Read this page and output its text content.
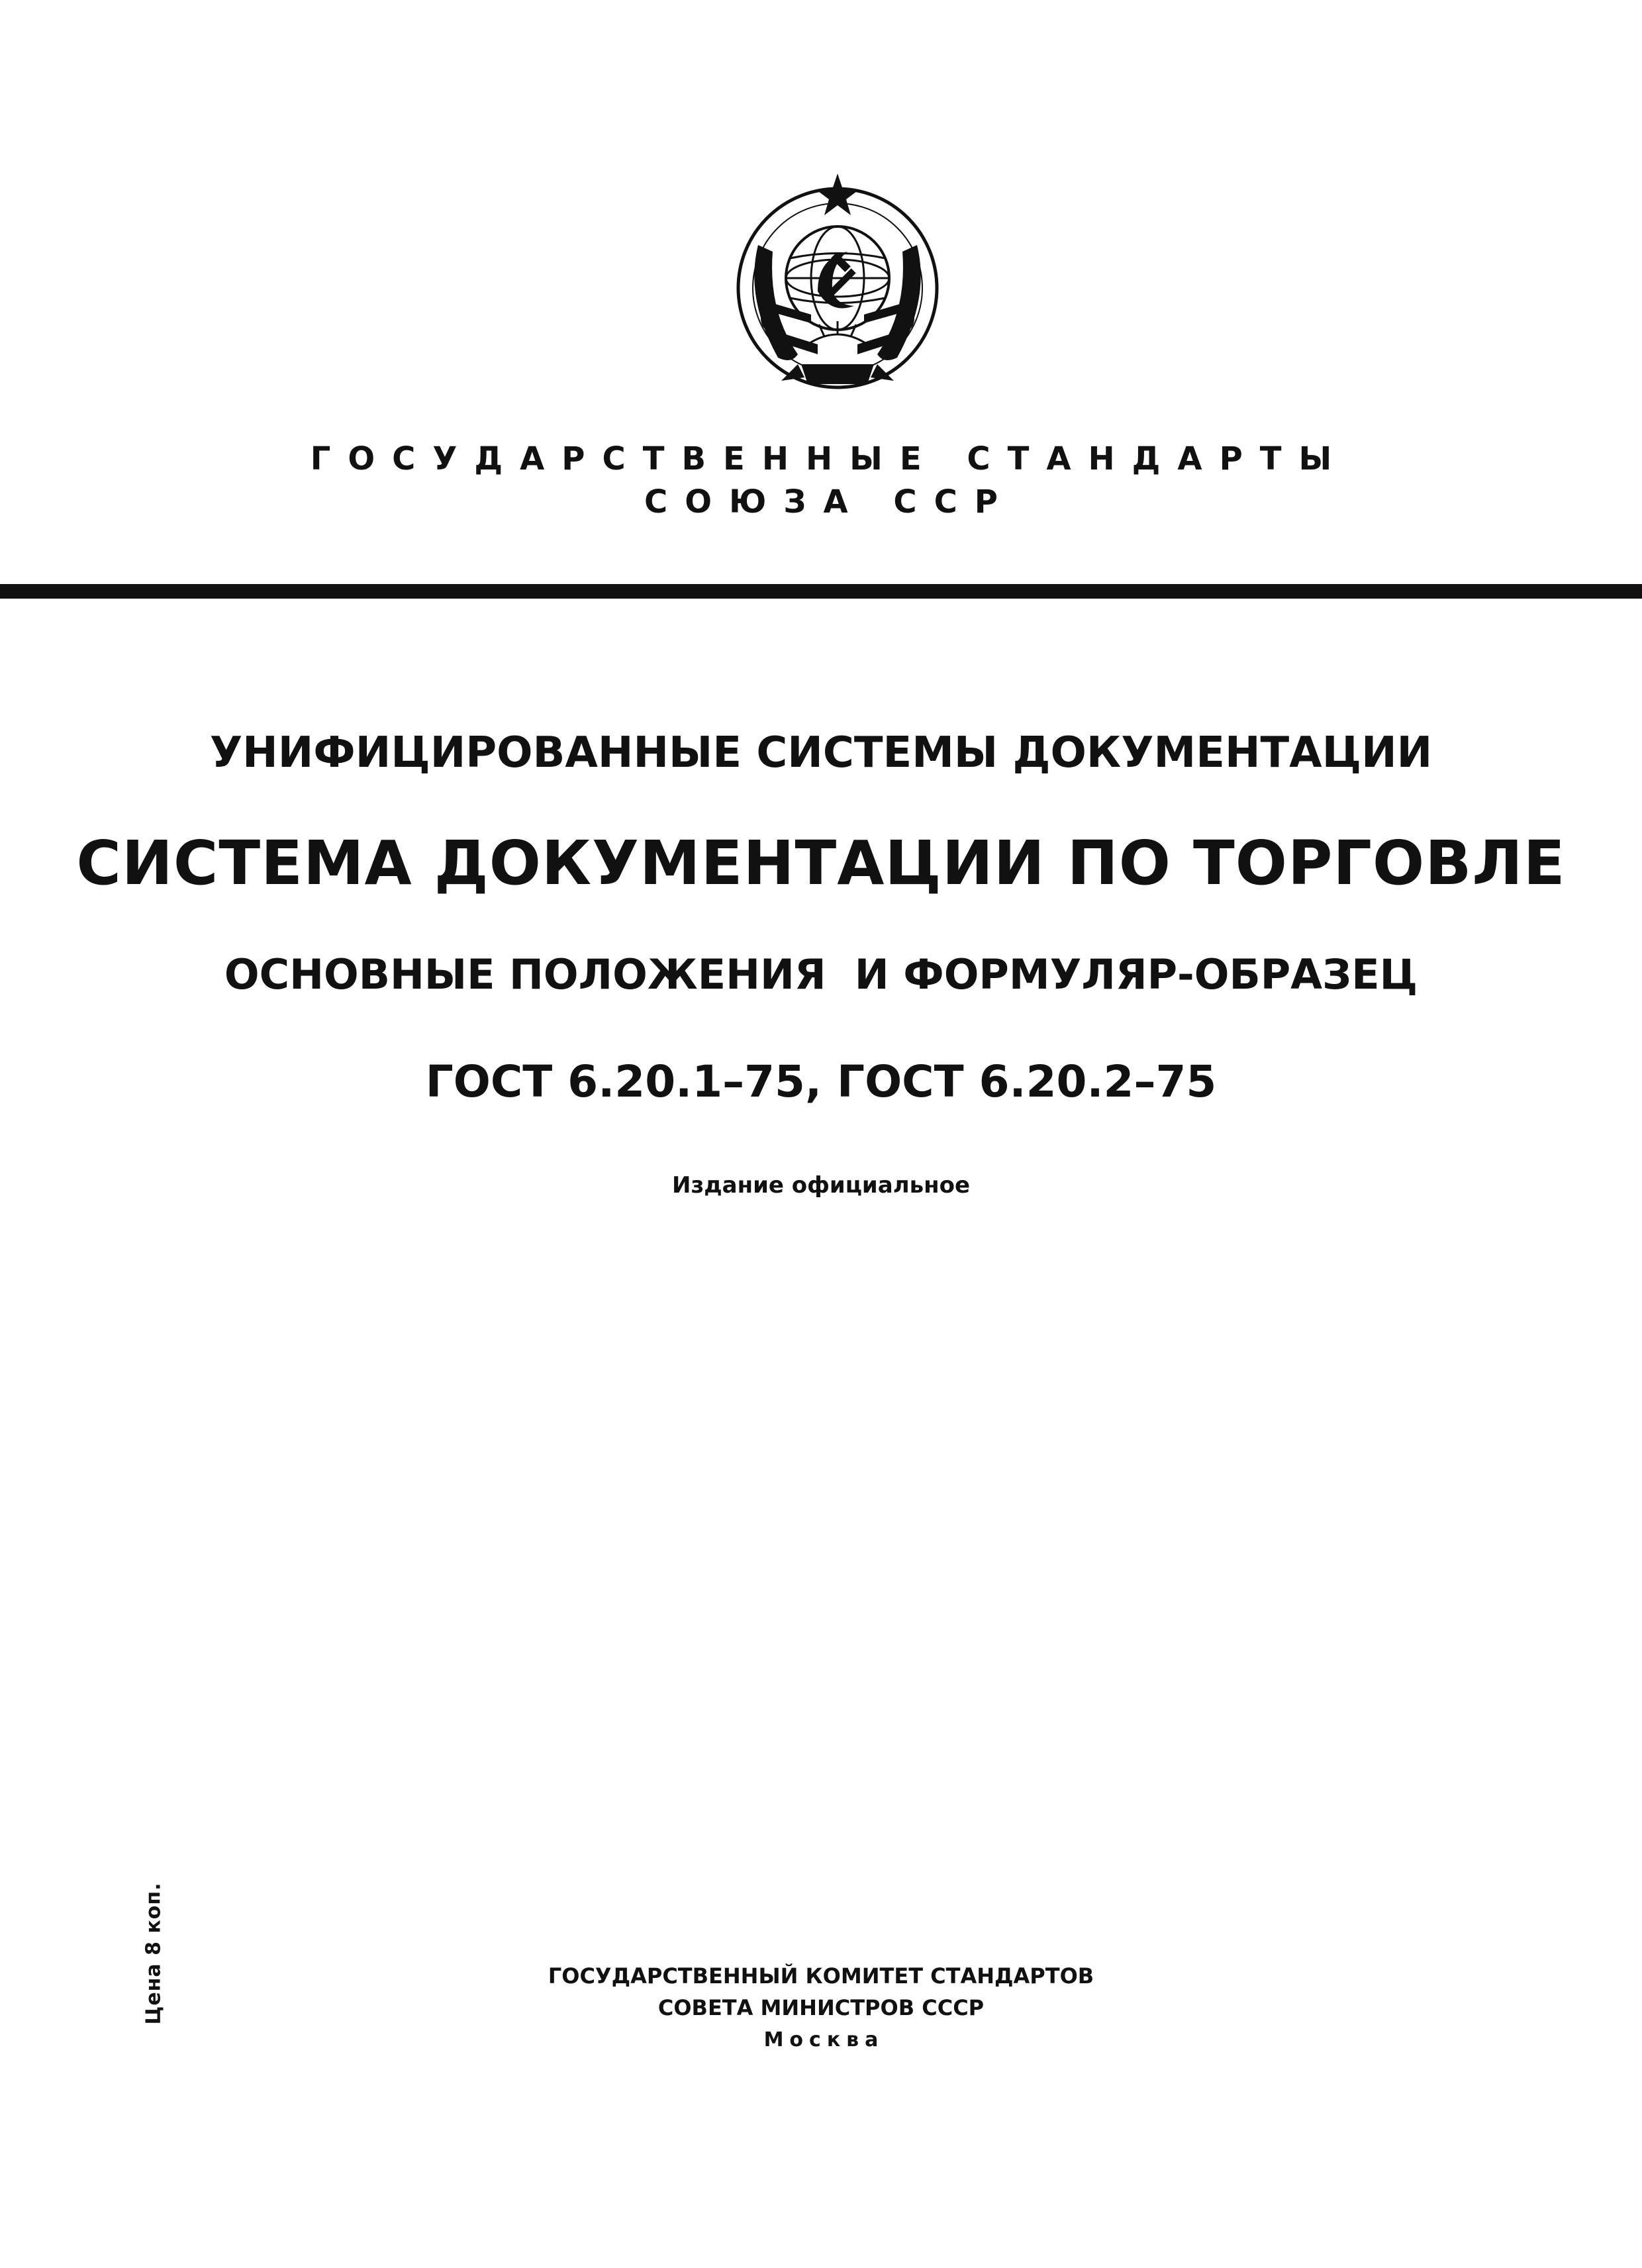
ГОСУДАРСТВЕННЫЕ СТАНДАРТЫ
СОЮЗА ССР
УНИФИЦИРОВАННЫЕ СИСТЕМЫ ДОКУМЕНТАЦИИ
СИСТЕМА ДОКУМЕНТАЦИИ ПО ТОРГОВЛЕ
ОСНОВНЫЕ ПОЛОЖЕНИЯ  И ФОРМУЛЯР-ОБРАЗЕЦ
ГОСТ 6.20.1–75, ГОСТ 6.20.2–75
Издание официальное
Цена 8 коп.	ГОСУДАРСТВЕННЫЙ КОМИТЕТ СТАНДАРТОВ
СОВЕТА МИНИСТРОВ СССР
Москва
